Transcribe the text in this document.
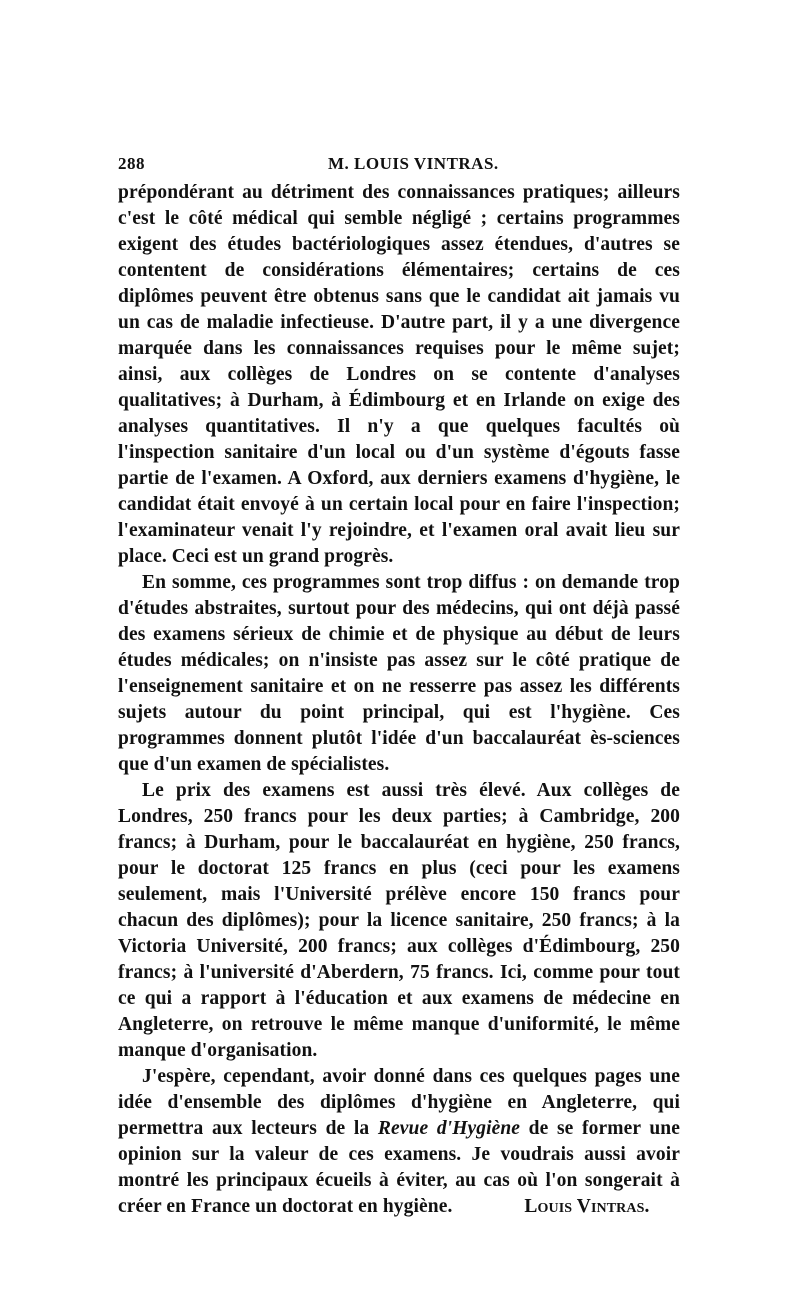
288	M. LOUIS VINTRAS.

prépondérant au détriment des connaissances pratiques; ailleurs c'est le côté médical qui semble négligé ; certains programmes exigent des études bactériologiques assez étendues, d'autres se contentent de considérations élémentaires; certains de ces diplômes peuvent être obtenus sans que le candidat ait jamais vu un cas de maladie infectieuse. D'autre part, il y a une divergence marquée dans les connaissances requises pour le même sujet; ainsi, aux collèges de Londres on se contente d'analyses qualitatives; à Durham, à Édimbourg et en Irlande on exige des analyses quantitatives. Il n'y a que quelques facultés où l'inspection sanitaire d'un local ou d'un système d'égouts fasse partie de l'examen. A Oxford, aux derniers examens d'hygiène, le candidat était envoyé à un certain local pour en faire l'inspection; l'examinateur venait l'y rejoindre, et l'examen oral avait lieu sur place. Ceci est un grand progrès.

En somme, ces programmes sont trop diffus : on demande trop d'études abstraites, surtout pour des médecins, qui ont déjà passé des examens sérieux de chimie et de physique au début de leurs études médicales; on n'insiste pas assez sur le côté pratique de l'enseignement sanitaire et on ne resserre pas assez les différents sujets autour du point principal, qui est l'hygiène. Ces programmes donnent plutôt l'idée d'un baccalauréat ès-sciences que d'un examen de spécialistes.

Le prix des examens est aussi très élevé. Aux collèges de Londres, 250 francs pour les deux parties; à Cambridge, 200 francs; à Durham, pour le baccalauréat en hygiène, 250 francs, pour le doctorat 125 francs en plus (ceci pour les examens seulement, mais l'Université prélève encore 150 francs pour chacun des diplômes); pour la licence sanitaire, 250 francs; à la Victoria Université, 200 francs; aux collèges d'Édimbourg, 250 francs; à l'université d'Aberdern, 75 francs. Ici, comme pour tout ce qui a rapport à l'éducation et aux examens de médecine en Angleterre, on retrouve le même manque d'uniformité, le même manque d'organisation.

J'espère, cependant, avoir donné dans ces quelques pages une idée d'ensemble des diplômes d'hygiène en Angleterre, qui permettra aux lecteurs de la Revue d'Hygiène de se former une opinion sur la valeur de ces examens. Je voudrais aussi avoir montré les principaux écueils à éviter, au cas où l'on songerait à créer en France un doctorat en hygiène.	Louis Vintras.
